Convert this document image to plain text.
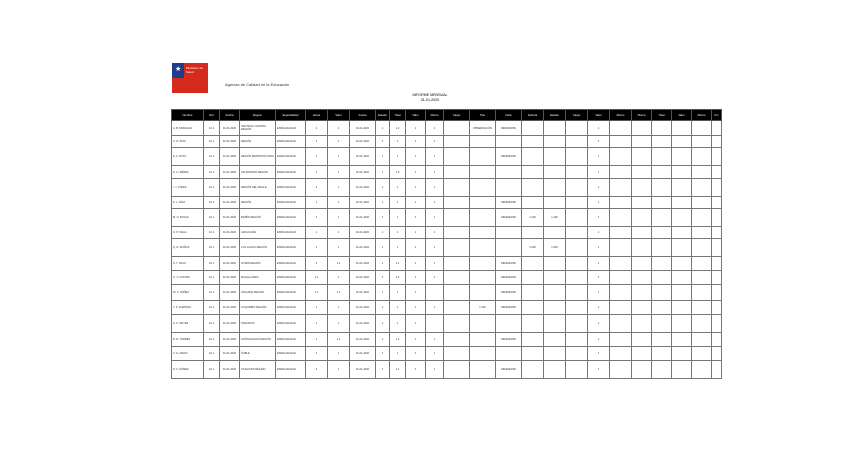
★ Ministerio de Salud
Agencia de Calidad en la Educación
INFORME MENSUAL
01-01-2020
Nombre	Rut	Fecha	Región	Especialidad	Horas	Valor	Fecha	Estado	Total	Valor	Monto	Cargo	Tipo	Nota	Factura	Estado	Cargo	Valor	Monto	Monto	Total	Valor	Monto	Fin
A. B. MORALES	10.1	01-01-2020	SANTIAGO CENTRO REGIÓN	ESPECIALIDAD	2	1	01-01-2020	1	1.2	1	1		OBSERVACIÓN	PENDIENTE				1						
C. D. RUIZ	10.1	01-01-2020	REGIÓN	ESPECIALIDAD	1	1	01-01-2020	1	1	1	1							1						
E. F. SOTO	10.1	01-01-2020	REGIÓN METROPOLITANA	ESPECIALIDAD	1	1	01-01-2020	1	1	1	1			PENDIENTE				1						
G. H. PÉREZ	10.1	01-01-2020	VALPARAÍSO REGIÓN	ESPECIALIDAD	1	1	01-01-2020	1	1.5	1	1							1						
I. J. LÓPEZ	10.1	01-01-2020	REGIÓN DEL MAULE	ESPECIALIDAD	2	1	01-01-2020	1	1	1	1							1						
K. L. DÍAZ	10.1	01-01-2020	REGIÓN	ESPECIALIDAD	1	1	01-01-2020	1	1	1	1			PENDIENTE				1						
M. N. ROJAS	10.1	01-01-2020	BIOBÍO REGIÓN	ESPECIALIDAD	1	1	01-01-2020	1	1	1	1			PENDIENTE	1.200	1.100		1						
O. P. VEGA	10.1	01-01-2020	ARAUCANÍA	ESPECIALIDAD	1	1	01-01-2020	1	1	1	1							1						
Q. R. MUÑOZ	10.1	01-01-2020	LOS LAGOS REGIÓN	ESPECIALIDAD	1	1	01-01-2020	1	1	1	1				1.000	1.000		1						
S. T. SILVA	10.1	01-01-2020	AYSÉN REGIÓN	ESPECIALIDAD	2	1.1	01-01-2020	1	1.1	1	1			PENDIENTE				1						
U. V. CASTRO	10.1	01-01-2020	MAGALLANES	ESPECIALIDAD	1.1	1	01-01-2020	1	1.2	1	1			PENDIENTE				1						
W. X. NÚÑEZ	10.1	01-01-2020	ATACAMA REGIÓN	ESPECIALIDAD	1.1	1.1	01-01-2020	1	1	1				PENDIENTE				1						
Y. Z. FUENTES	10.1	01-01-2020	COQUIMBO REGIÓN	ESPECIALIDAD	1	1	01-01-2020	1	1	1	1		1.100	PENDIENTE				1						
A. C. REYES	10.1	01-01-2020	TARAPACÁ	ESPECIALIDAD	1	1	01-01-2020	1	1	1								1						
B. D. TORRES	10.1	01-01-2020	ANTOFAGASTA REGIÓN	ESPECIALIDAD	1	1.1	01-01-2020	1	1.2	1	1			PENDIENTE				1						
C. E. ARAYA	10.1	01-01-2020	ÑUBLE	ESPECIALIDAD	1	1	01-01-2020	1	1	1	1							1						
D. F. GÓMEZ	10.1	01-01-2020	O'HIGGINS REGIÓN	ESPECIALIDAD	2	1	01-01-2020	1	1.1	1	1			PENDIENTE				1						
